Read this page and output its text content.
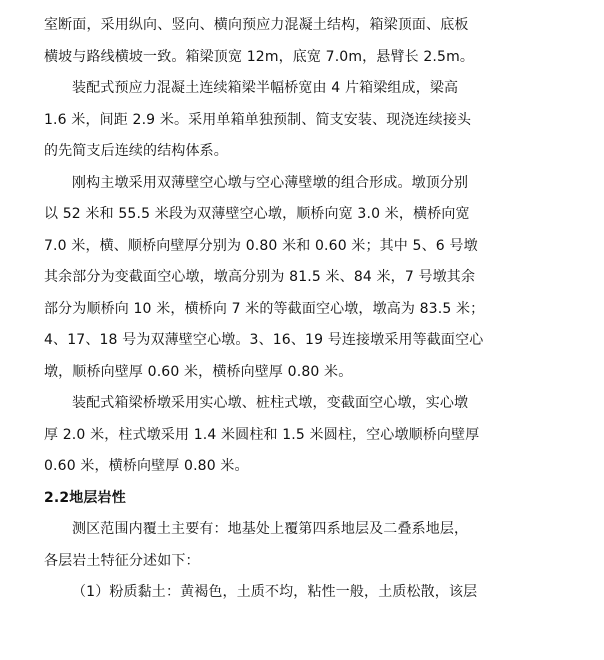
室断面，采用纵向、竖向、横向预应力混凝土结构，箱梁顶面、底板
横坡与路线横坡一致。箱梁顶宽 12m，底宽 7.0m，悬臂长 2.5m。

装配式预应力混凝土连续箱梁半幅桥宽由 4 片箱梁组成，梁高
1.6 米，间距 2.9 米。采用单箱单独预制、简支安装、现浇连续接头
的先简支后连续的结构体系。

刚构主墩采用双薄壁空心墩与空心薄壁墩的组合形成。墩顶分别
以 52 米和 55.5 米段为双薄壁空心墩，顺桥向宽 3.0 米，横桥向宽
7.0 米，横、顺桥向壁厚分别为 0.80 米和 0.60 米；其中 5、6 号墩
其余部分为变截面空心墩，墩高分别为 81.5 米、84 米，7 号墩其余
部分为顺桥向 10 米，横桥向 7 米的等截面空心墩，墩高为 83.5 米；
4、17、18 号为双薄壁空心墩。3、16、19 号连接墩采用等截面空心
墩，顺桥向壁厚 0.60 米，横桥向壁厚 0.80 米。

装配式箱梁桥墩采用实心墩、桩柱式墩，变截面空心墩，实心墩
厚 2.0 米，柱式墩采用 1.4 米圆柱和 1.5 米圆柱，空心墩顺桥向壁厚
0.60 米，横桥向壁厚 0.80 米。

2.2地层岩性

测区范围内覆土主要有：地基处上覆第四系地层及二叠系地层，
各层岩土特征分述如下：

（1）粉质黏土：黄褐色，土质不均，粘性一般，土质松散，该层
